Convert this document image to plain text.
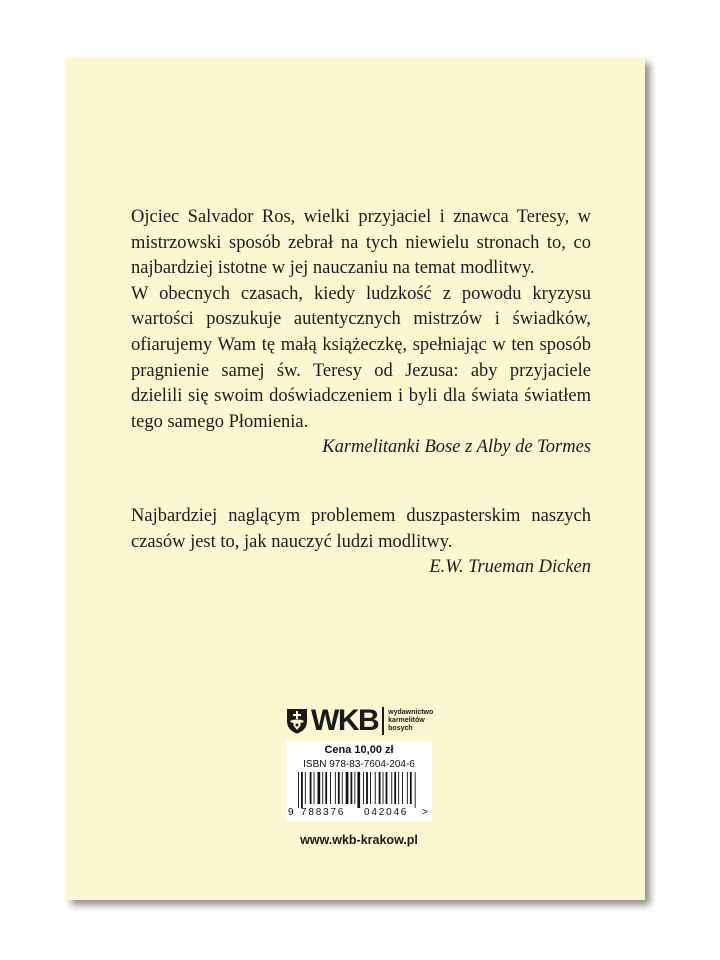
Ojciec Salvador Ros, wielki przyjaciel i znawca Teresy, w mistrzowski sposób zebrał na tych niewielu stronach to, co najbardziej istotne w jej nauczaniu na temat modlitwy.

W obecnych czasach, kiedy ludzkość z powodu kryzysu wartości poszukuje autentycznych mistrzów i świadków, ofiarujemy Wam tę małą książeczkę, spełniając w ten sposób pragnienie samej św. Teresy od Jezusa: aby przyjaciele dzielili się swoim doświadczeniem i byli dla świata światłem tego samego Płomienia.

Karmelitanki Bose z Alby de Tormes

Najbardziej naglącym problemem duszpasterskim naszych czasów jest to, jak nauczyć ludzi modlitwy.

E.W. Trueman Dicken

WKB wydawnictwo
karmelitów
bosych
Cena 10,00 zł
ISBN 978-83-7604-204-6
9 788376 042046 >
www.wkb-krakow.pl
